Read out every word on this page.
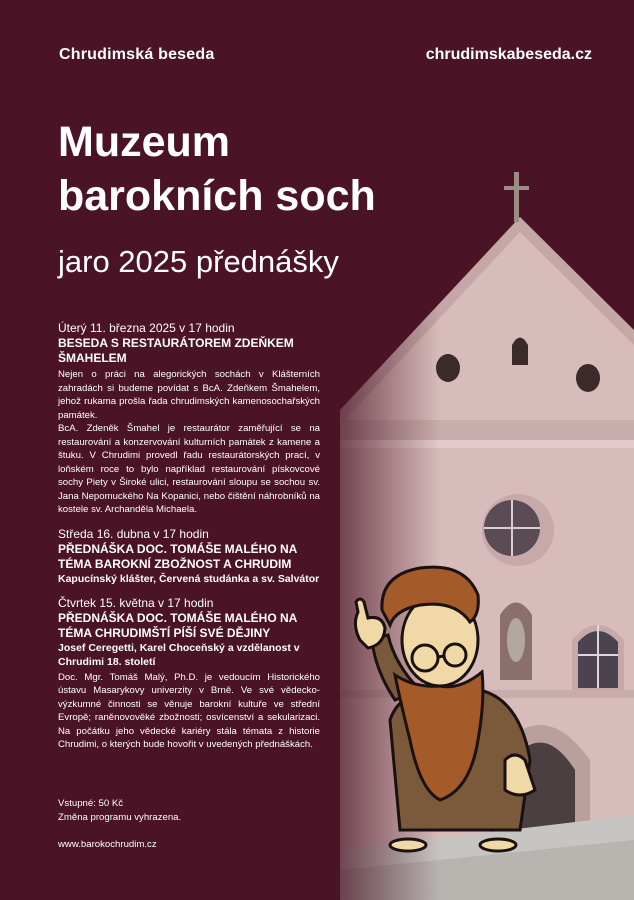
Chrudimská beseda	chrudimskabeseda.cz
Muzeum
barokních soch
jaro 2025 přednášky
Úterý 11. března 2025 v 17 hodin
BESEDA S RESTAURÁTOREM ZDEŇKEM ŠMAHELEM

Nejen o práci na alegorických sochách v Klášterních zahradách si budeme povídat s BcA. Zdeňkem Šmahelem, jehož rukama prošla řada chrudimských kamenosochařských památek.

BcA. Zdeněk Šmahel je restaurátor zaměřující se na restaurování a konzervování kulturních památek z kamene a štuku. V Chrudimi provedl řadu restaurátorských prací, v loňském roce to bylo například restaurování pískovcové sochy Piety v Široké ulici, restaurování sloupu se sochou sv. Jana Nepomuckého Na Kopanici, nebo čištění náhrobníků na kostele sv. Archanděla Michaela.

Středa 16. dubna v 17 hodin
PŘEDNÁŠKA DOC. TOMÁŠE MALÉHO NA TÉMA BAROKNÍ ZBOŽNOST A CHRUDIM
Kapucínský klášter, Červená studánka a sv. Salvátor
Čtvrtek 15. května v 17 hodin
PŘEDNÁŠKA DOC. TOMÁŠE MALÉHO NA TÉMA CHRUDIMŠTÍ PÍŠÍ SVÉ DĚJINY
Josef Ceregetti, Karel Choceňský a vzdělanost v Chrudimi 18. století

Doc. Mgr. Tomáš Malý, Ph.D. je vedoucím Historického ústavu Masarykovy univerzity v Brně. Ve své vědecko-výzkumné činnosti se věnuje barokní kultuře ve střední Evropě; raněnovověké zbožnosti; osvícenství a sekularizaci. Na počátku jeho vědecké kariéry stála témata z historie Chrudimi, o kterých bude hovořit v uvedených přednáškách.

Vstupné: 50 Kč
Změna programu vyhrazena.
www.barokochrudim.cz
